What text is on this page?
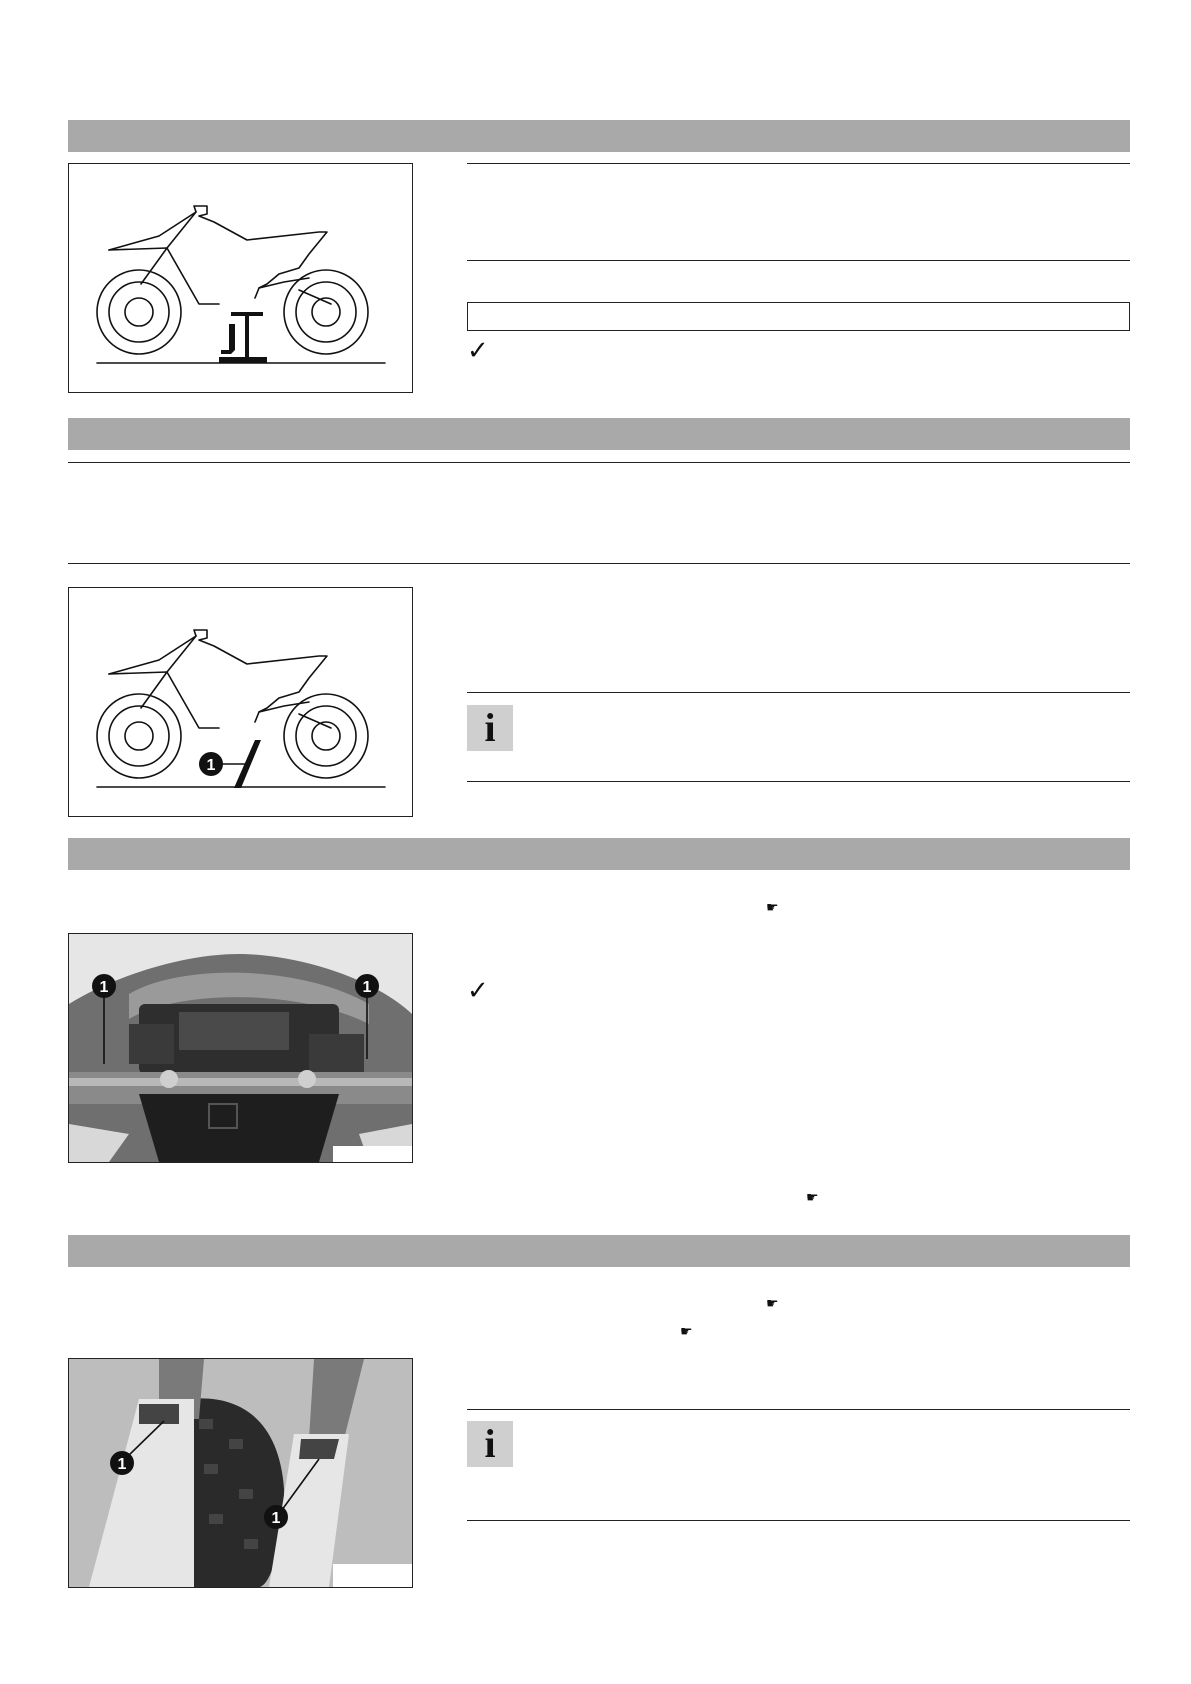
✓
1
i
☛
1	1	✓
☛
☛
☛
1
1
i
